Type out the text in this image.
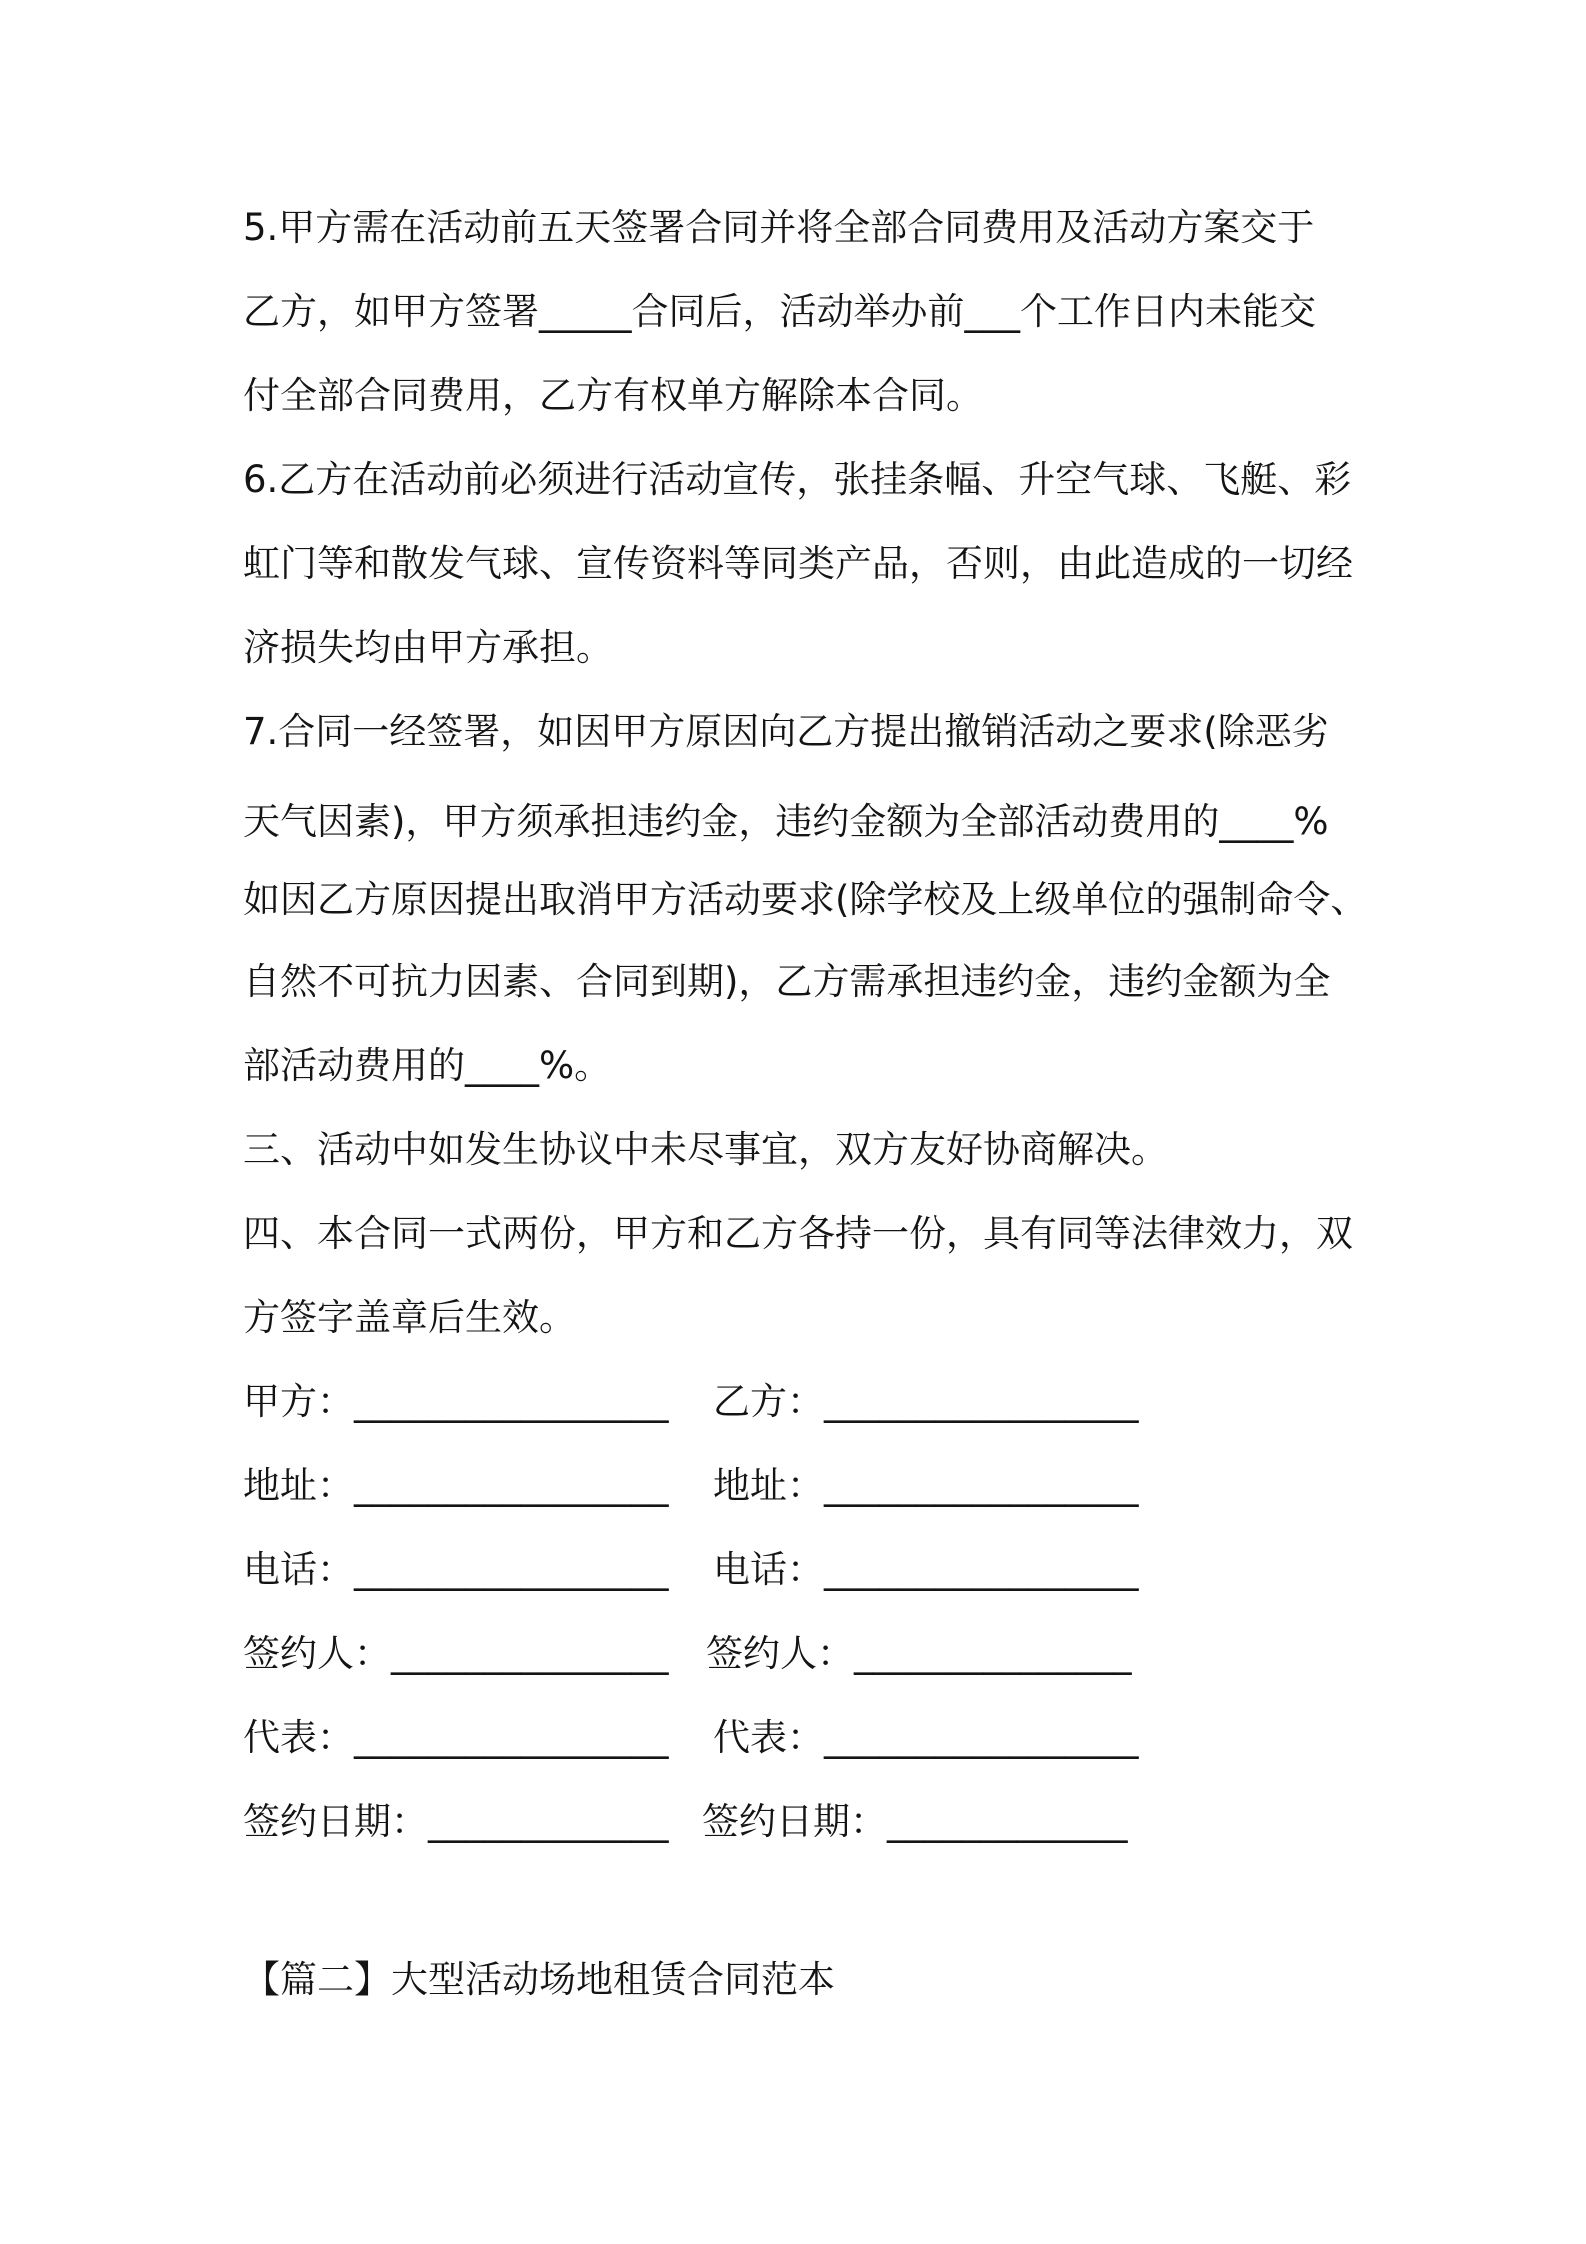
5.甲方需在活动前五天签署合同并将全部合同费用及活动方案交于
乙方，如甲方签署_____合同后，活动举办前___个工作日内未能交
付全部合同费用，乙方有权单方解除本合同。
6.乙方在活动前必须进行活动宣传，张挂条幅、升空气球、飞艇、彩
虹门等和散发气球、宣传资料等同类产品，否则，由此造成的一切经
济损失均由甲方承担。
7.合同一经签署，如因甲方原因向乙方提出撤销活动之要求(除恶劣
天气因素)，甲方须承担违约金，违约金额为全部活动费用的____%
如因乙方原因提出取消甲方活动要求(除学校及上级单位的强制命令、
自然不可抗力因素、合同到期)，乙方需承担违约金，违约金额为全
部活动费用的____%。
三、活动中如发生协议中未尽事宜，双方友好协商解决。
四、本合同一式两份，甲方和乙方各持一份，具有同等法律效力，双
方签字盖章后生效。
甲方：_________________ 乙方：_________________
地址：_________________ 地址：_________________
电话：_________________ 电话：_________________
签约人：_______________ 签约人：_______________
代表：_________________ 代表：_________________
签约日期：_____________ 签约日期：_____________
【篇二】大型活动场地租赁合同范本
